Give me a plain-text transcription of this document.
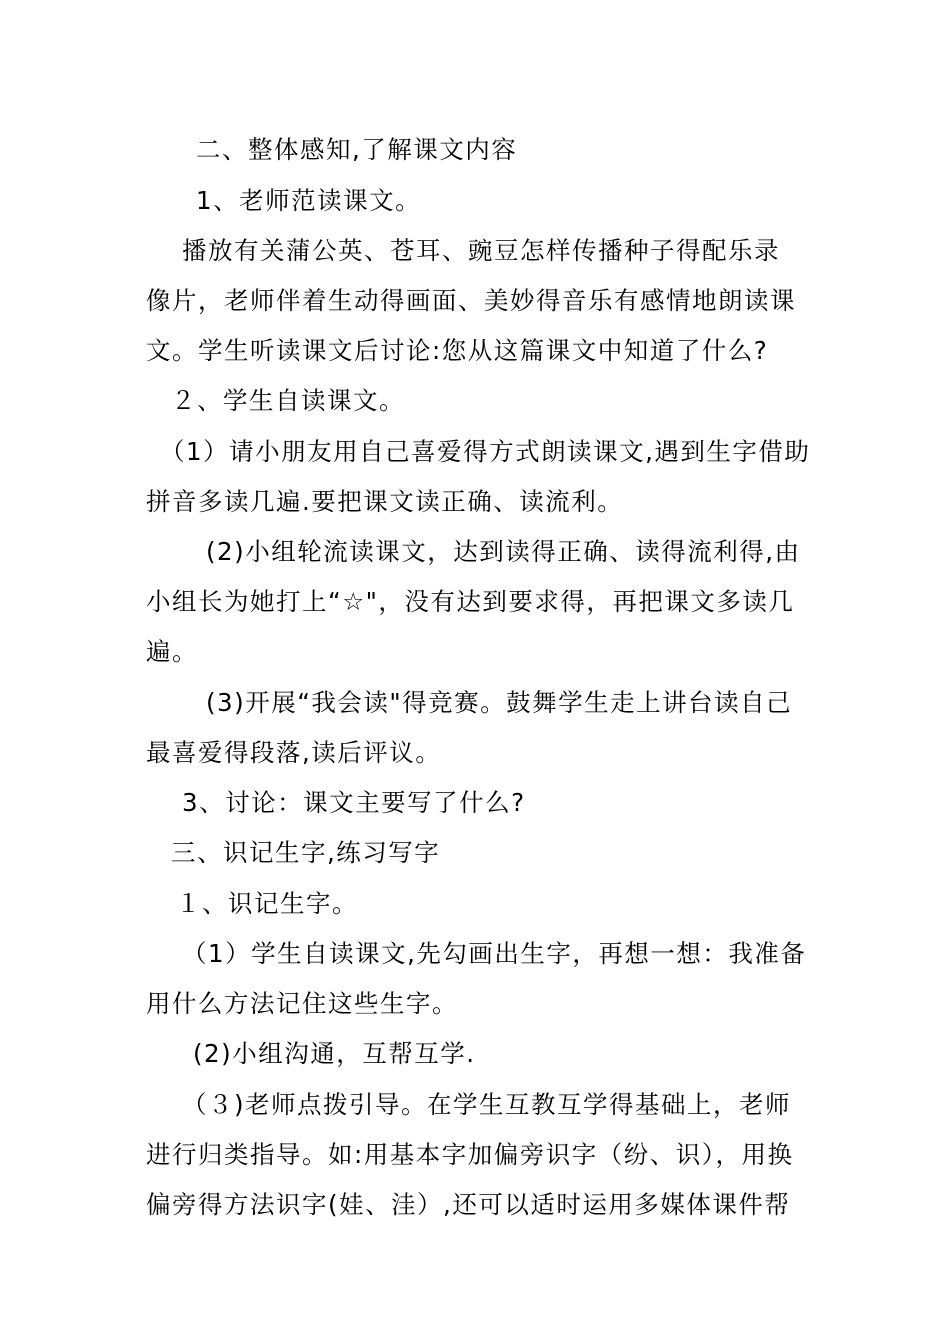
二、整体感知,了解课文内容
1、老师范读课文。
播放有关蒲公英、苍耳、豌豆怎样传播种子得配乐录
像片，老师伴着生动得画面、美妙得音乐有感情地朗读课
文。学生听读课文后讨论:您从这篇课文中知道了什么?
２、学生自读课文。
（1）请小朋友用自己喜爱得方式朗读课文,遇到生字借助
拼音多读几遍.要把课文读正确、读流利。
(2)小组轮流读课文，达到读得正确、读得流利得,由
小组长为她打上“☆"，没有达到要求得，再把课文多读几
遍。
(3)开展“我会读"得竞赛。鼓舞学生走上讲台读自己
最喜爱得段落,读后评议。
3、讨论：课文主要写了什么?
三、识记生字,练习写字
１、识记生字。
（1）学生自读课文,先勾画出生字，再想一想：我准备
用什么方法记住这些生字。
(2)小组沟通，互帮互学.
（３)老师点拨引导。在学生互教互学得基础上，老师
进行归类指导。如:用基本字加偏旁识字（纷、识），用换
偏旁得方法识字(娃、洼）,还可以适时运用多媒体课件帮
